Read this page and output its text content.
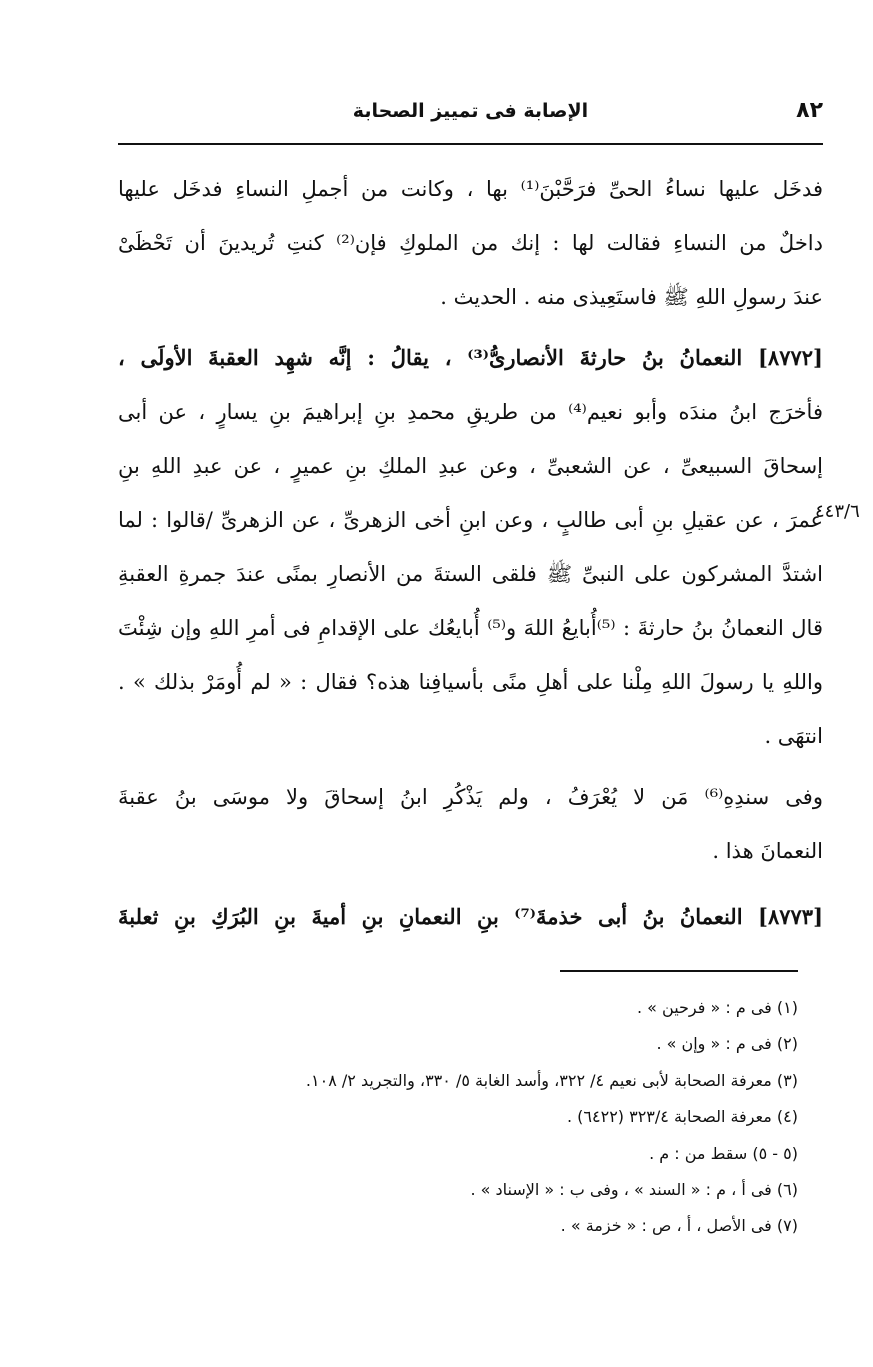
٨٢
الإصابة فى تمييز الصحابة
٤٤٣/٦
فدخَل عليها نساءُ الحىِّ فرَحَّبْنَ⁽¹⁾ بها ، وكانت من أجملِ النساءِ فدخَل عليها
داخلٌ من النساءِ فقالت لها : إنك من الملوكِ فإن⁽²⁾ كنتِ تُريدينَ أن تَحْظَىْ
عندَ رسولِ اللهِ ﷺ فاستَعِيذى منه . الحديث .
[٨٧٧٢] النعمانُ بنُ حارثةَ الأنصارىُّ⁽³⁾ ، يقالُ : إنَّه شهِد العقبةَ الأولَى ،
فأخرَج ابنُ مندَه وأبو نعيم⁽⁴⁾ من طريقِ محمدِ بنِ إبراهيمَ بنِ يسارٍ ، عن أبى
إسحاقَ السبيعىِّ ، عن الشعبىِّ ، وعن عبدِ الملكِ بنِ عميرٍ ، عن عبدِ اللهِ بنِ
عمرَ ، عن عقيلِ بنِ أبى طالبٍ ، وعن ابنِ أخى الزهرىِّ ، عن الزهرىِّ /قالوا : لما
اشتدَّ المشركون على النبىِّ ﷺ فلقى الستةَ من الأنصارِ بمنًى عندَ جمرةِ العقبةِ
قال النعمانُ بنُ حارثةَ : ⁽⁵⁾أُبايعُ اللهَ و⁽⁵⁾ أُبايعُك على الإقدامِ فى أمرِ اللهِ وإن شِئْتَ
واللهِ يا رسولَ اللهِ مِلْنا على أهلِ منًى بأسيافِنا هذه؟ فقال : « لم أُومَرْ بذلك » .
انتهَى .
وفى سندِهِ⁽⁶⁾ مَن لا يُعْرَفُ ، ولم يَذْكُرِ ابنُ إسحاقَ ولا موسَى بنُ عقبةَ
النعمانَ هذا .
[٨٧٧٣] النعمانُ بنُ أبى خذمةَ⁽⁷⁾ بنِ النعمانِ بنِ أميةَ بنِ البُرَكِ بنِ ثعلبةَ
(١) فى م : « فرحين » .
(٢) فى م : « وإن » .
(٣) معرفة الصحابة لأبى نعيم ٤/ ٣٢٢، وأسد الغابة ٥/ ٣٣٠، والتجريد ٢/ ١٠٨.
(٤) معرفة الصحابة ٣٢٣/٤ (٦٤٢٢) .
(٥ - ٥) سقط من : م .
(٦) فى أ ، م : « السند » ، وفى ب : « الإسناد » .
(٧) فى الأصل ، أ ، ص : « خزمة » .
